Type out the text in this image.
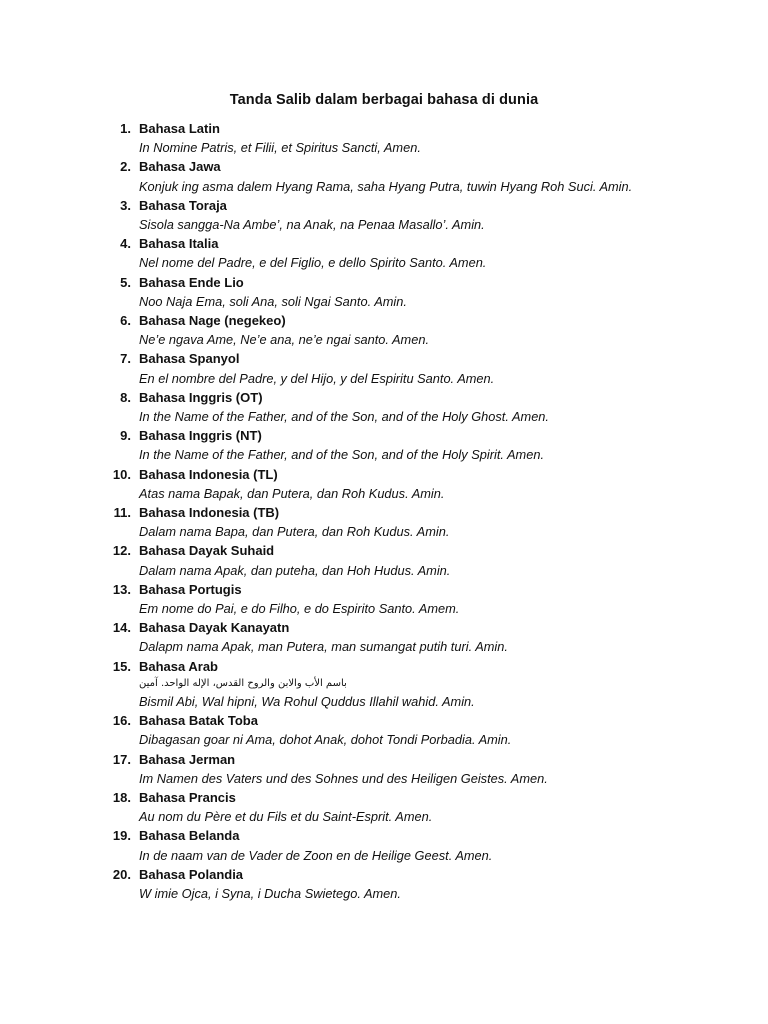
Tanda Salib dalam berbagai bahasa di dunia
1. Bahasa Latin
In Nomine Patris, et Filii, et Spiritus Sancti, Amen.
2. Bahasa Jawa
Konjuk ing asma dalem Hyang Rama, saha Hyang Putra, tuwin Hyang Roh Suci. Amin.
3. Bahasa Toraja
Sisola sangga-Na Ambe’, na Anak, na Penaa Masallo’. Amin.
4. Bahasa Italia
Nel nome del Padre, e del Figlio, e dello Spirito Santo. Amen.
5. Bahasa Ende Lio
Noo Naja Ema, soli Ana, soli Ngai Santo. Amin.
6. Bahasa Nage (negekeo)
Ne’e ngava Ame, Ne’e ana, ne’e ngai santo. Amen.
7. Bahasa Spanyol
En el nombre del Padre, y del Hijo, y del Espiritu Santo. Amen.
8. Bahasa Inggris (OT)
In the Name of the Father, and of the Son, and of the Holy Ghost. Amen.
9. Bahasa Inggris (NT)
In the Name of the Father, and of the Son, and of the Holy Spirit. Amen.
10. Bahasa Indonesia (TL)
Atas nama Bapak, dan Putera, dan Roh Kudus. Amin.
11. Bahasa Indonesia (TB)
Dalam nama Bapa, dan Putera, dan Roh Kudus. Amin.
12. Bahasa Dayak Suhaid
Dalam nama Apak, dan puteha, dan Hoh Hudus. Amin.
13. Bahasa Portugis
Em nome do Pai, e do Filho, e do Espirito Santo. Amem.
14. Bahasa Dayak Kanayatn
Dalapm nama Apak, man Putera, man sumangat putih turi. Amin.
15. Bahasa Arab
باسم الأب والابن والروح القدس، الإله الواحد. آمين
Bismil Abi, Wal hipni, Wa Rohul Quddus Illahil wahid. Amin.
16. Bahasa Batak Toba
Dibagasan goar ni Ama, dohot Anak, dohot Tondi Porbadia. Amin.
17. Bahasa Jerman
Im Namen des Vaters und des Sohnes und des Heiligen Geistes. Amen.
18. Bahasa Prancis
Au nom du Père et du Fils et du Saint-Esprit. Amen.
19. Bahasa Belanda
In de naam van de Vader de Zoon en de Heilige Geest. Amen.
20. Bahasa Polandia
W imie Ojca, i Syna, i Ducha Swietego. Amen.
